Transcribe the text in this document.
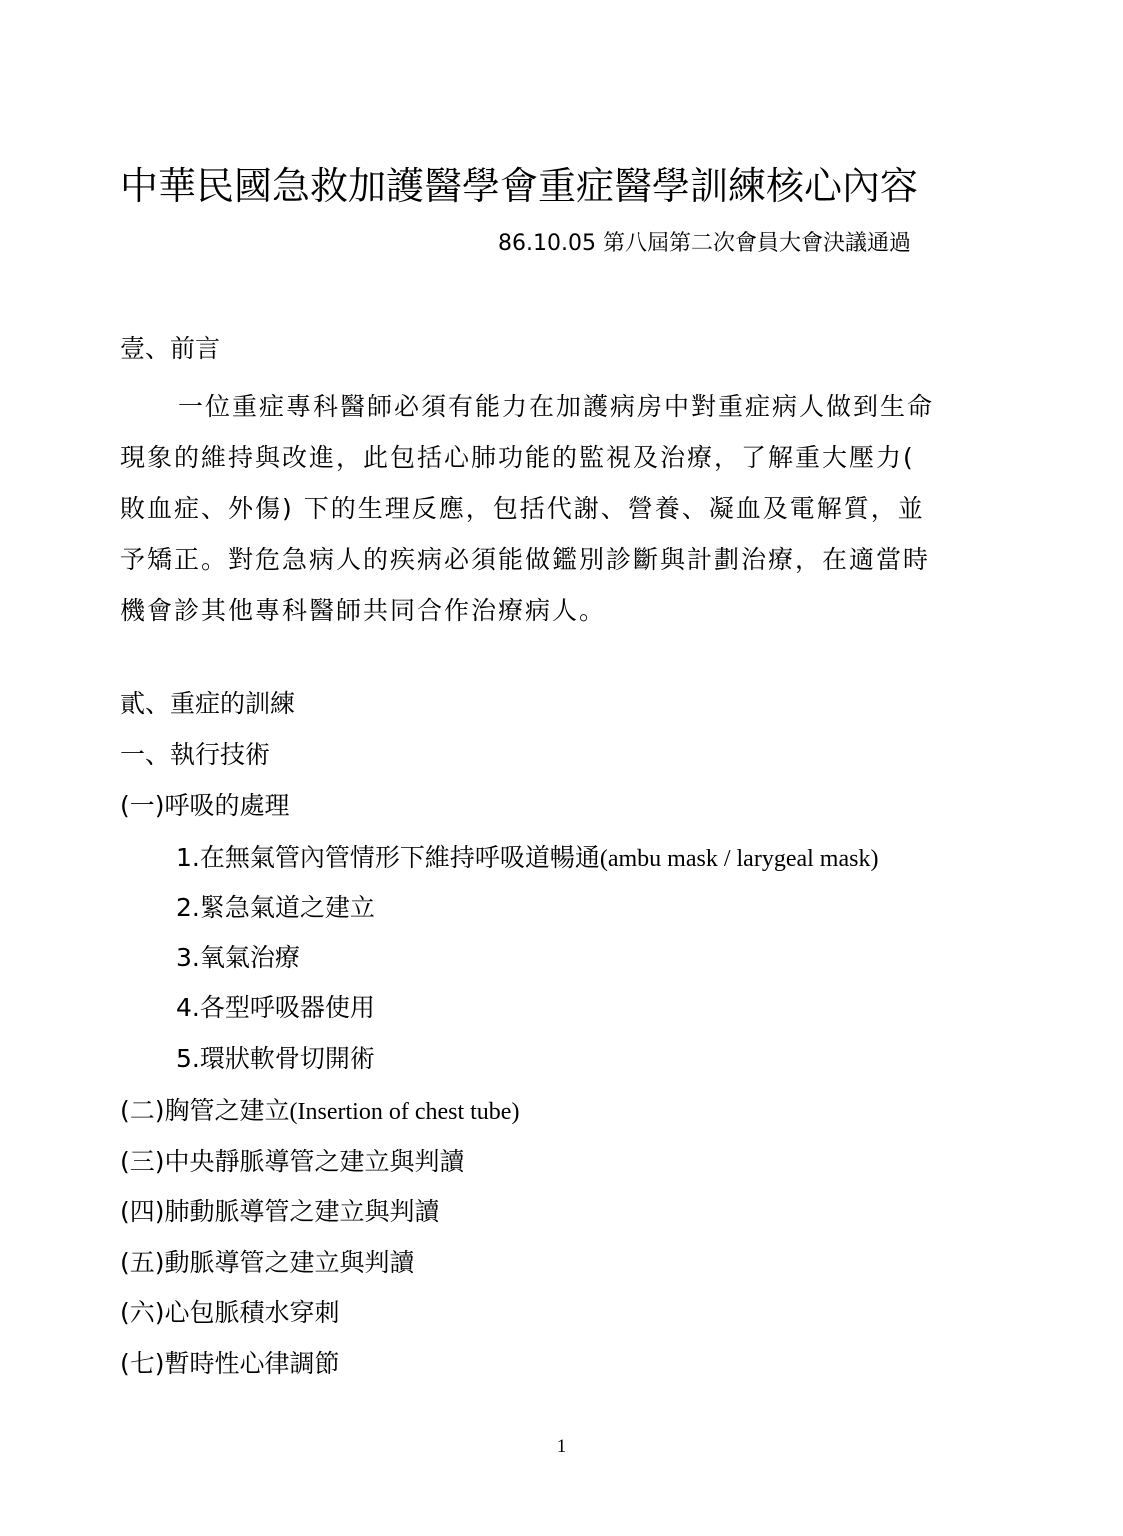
中華民國急救加護醫學會重症醫學訓練核心內容
86.10.05 第八屆第二次會員大會決議通過
壹、前言
一位重症專科醫師必須有能力在加護病房中對重症病人做到生命
現象的維持與改進，此包括心肺功能的監視及治療，了解重大壓力(
敗血症、外傷) 下的生理反應，包括代謝、營養、凝血及電解質，並
予矯正。對危急病人的疾病必須能做鑑別診斷與計劃治療，在適當時
機會診其他專科醫師共同合作治療病人。
貳、重症的訓練
一、執行技術
(一)呼吸的處理
1.在無氣管內管情形下維持呼吸道暢通(ambu mask / larygeal mask)
2.緊急氣道之建立
3.氧氣治療
4.各型呼吸器使用
5.環狀軟骨切開術
(二)胸管之建立(Insertion of chest tube)
(三)中央靜脈導管之建立與判讀
(四)肺動脈導管之建立與判讀
(五)動脈導管之建立與判讀
(六)心包脈積水穿刺
(七)暫時性心律調節
1
